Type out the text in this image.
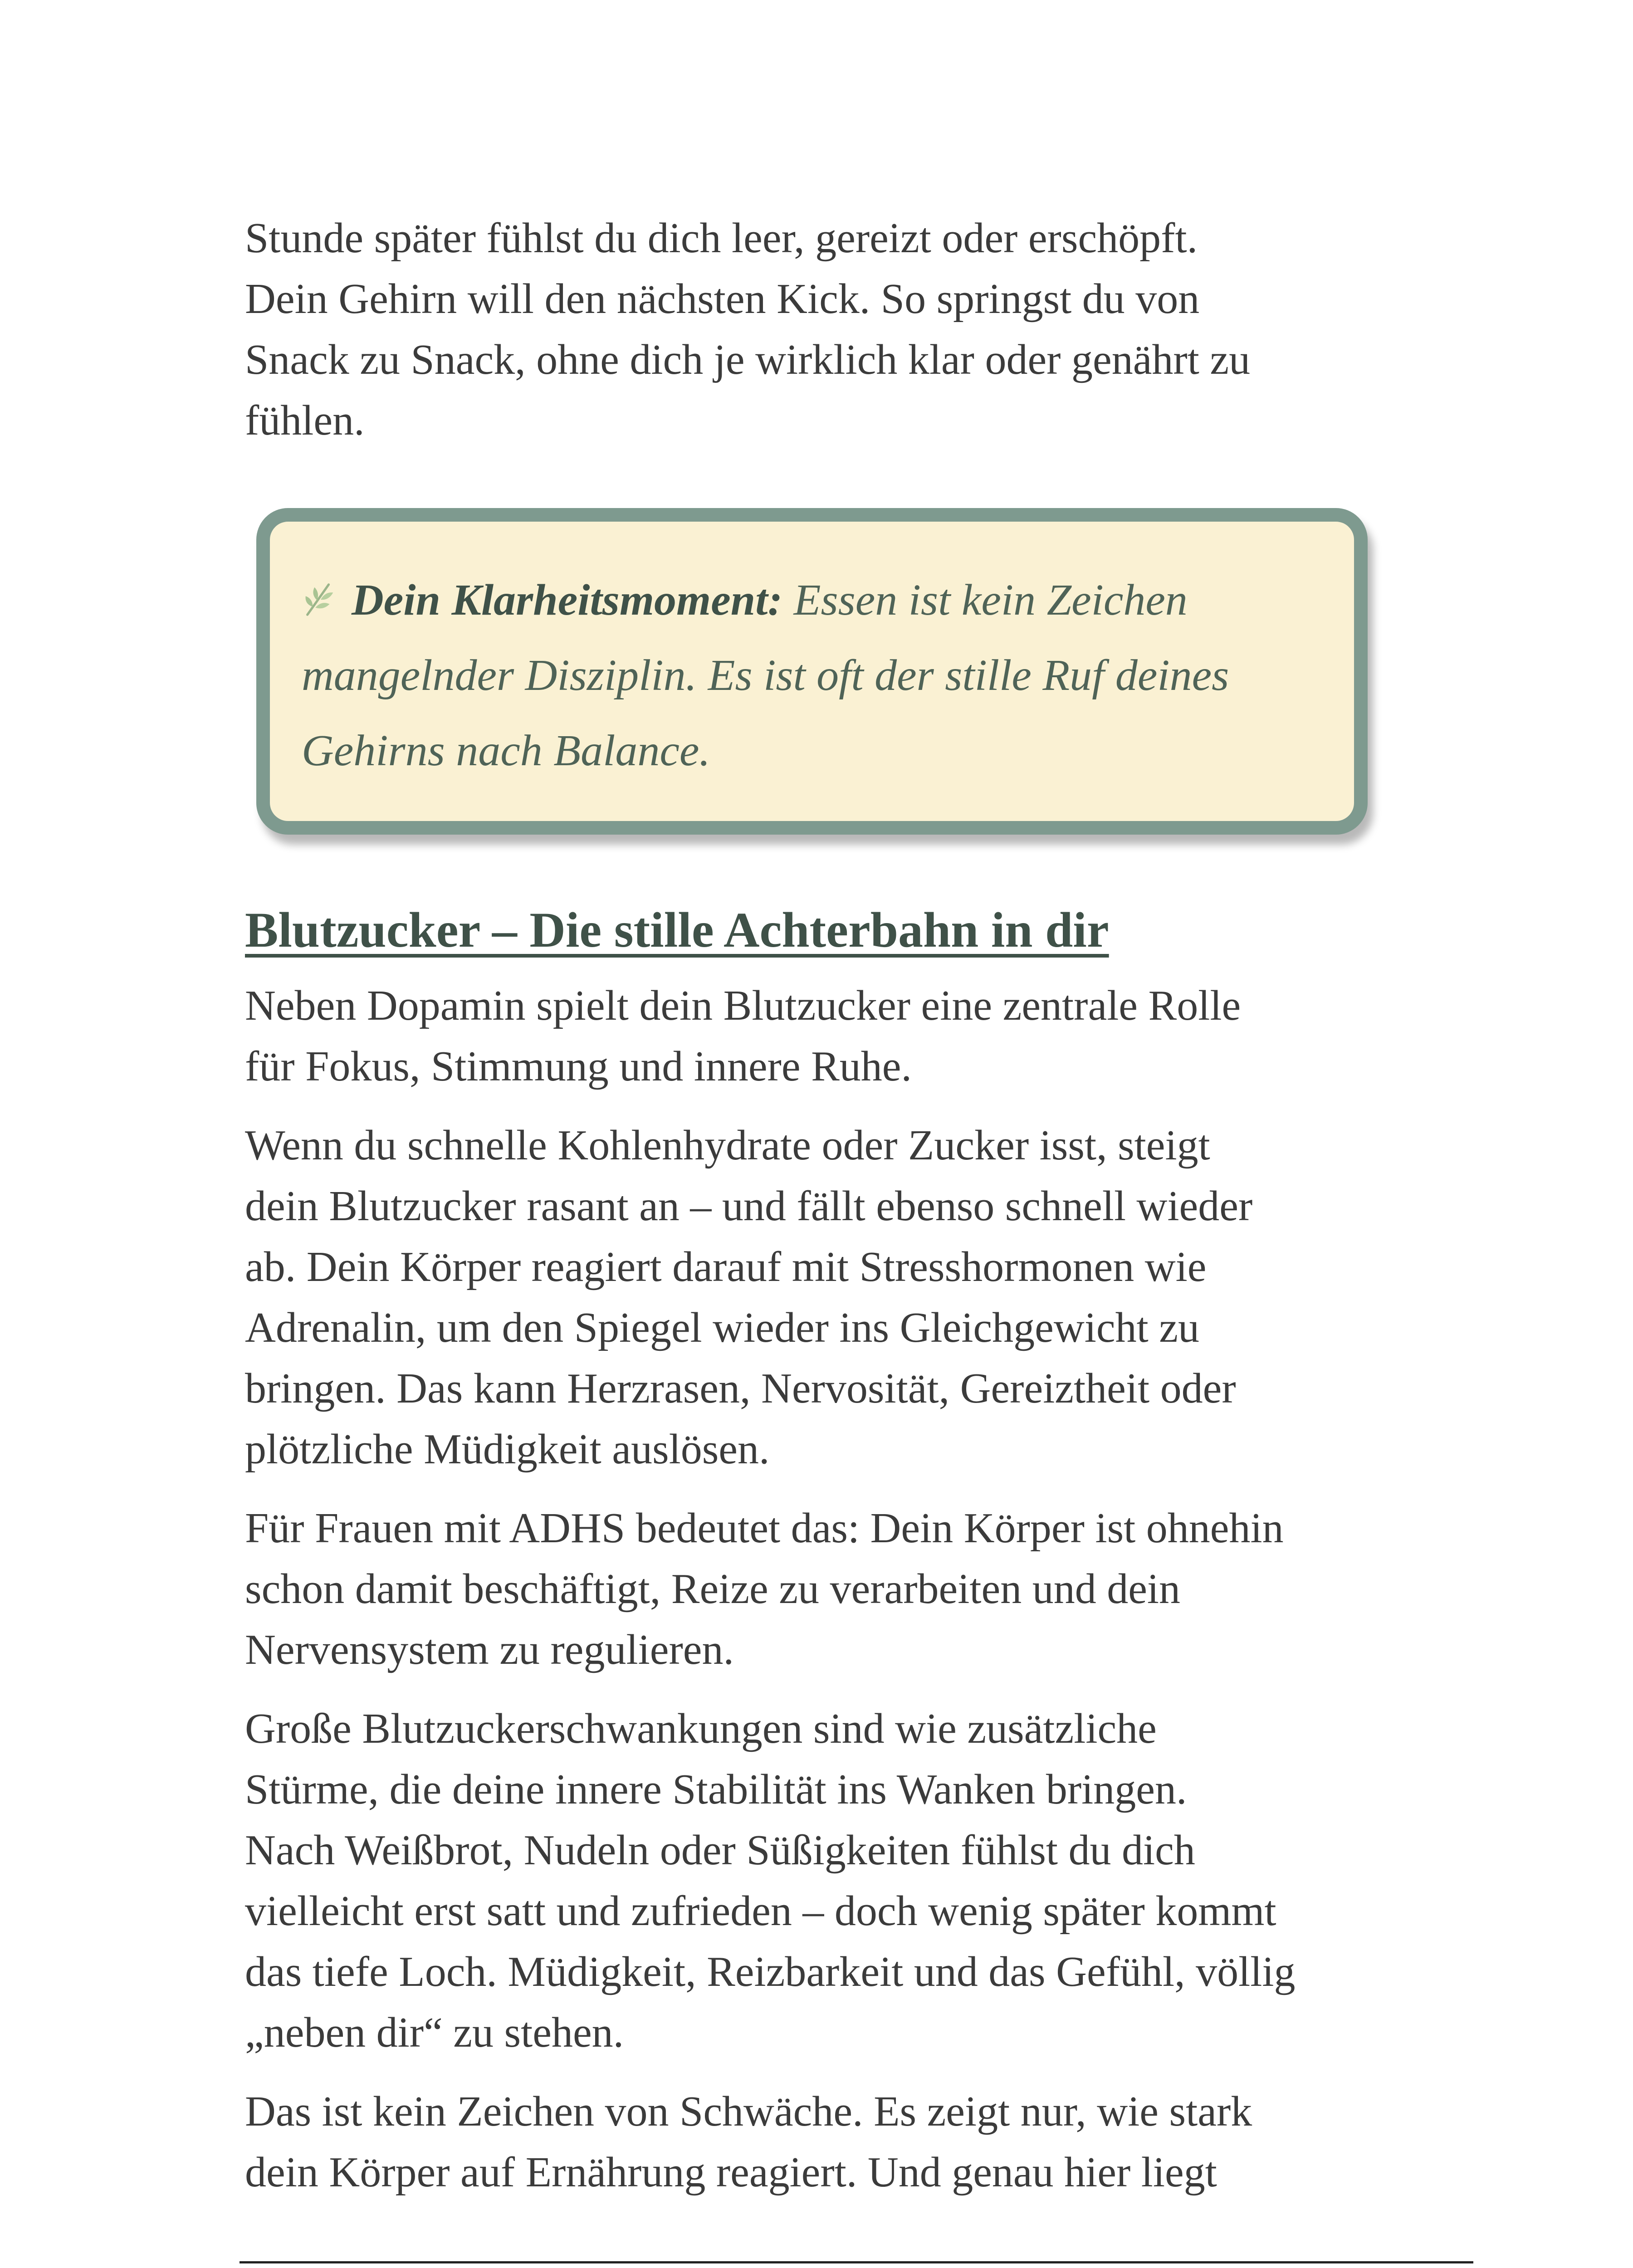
Stunde später fühlst du dich leer, gereizt oder erschöpft.
Dein Gehirn will den nächsten Kick. So springst du von
Snack zu Snack, ohne dich je wirklich klar oder genährt zu
fühlen.

Dein Klarheitsmoment: Essen ist kein Zeichen
mangelnder Disziplin. Es ist oft der stille Ruf deines
Gehirns nach Balance.
Blutzucker – Die stille Achterbahn in dir

Neben Dopamin spielt dein Blutzucker eine zentrale Rolle
für Fokus, Stimmung und innere Ruhe.

Wenn du schnelle Kohlenhydrate oder Zucker isst, steigt
dein Blutzucker rasant an – und fällt ebenso schnell wieder
ab. Dein Körper reagiert darauf mit Stresshormonen wie
Adrenalin, um den Spiegel wieder ins Gleichgewicht zu
bringen. Das kann Herzrasen, Nervosität, Gereiztheit oder
plötzliche Müdigkeit auslösen.

Für Frauen mit ADHS bedeutet das: Dein Körper ist ohnehin
schon damit beschäftigt, Reize zu verarbeiten und dein
Nervensystem zu regulieren.

Große Blutzuckerschwankungen sind wie zusätzliche
Stürme, die deine innere Stabilität ins Wanken bringen.
Nach Weißbrot, Nudeln oder Süßigkeiten fühlst du dich
vielleicht erst satt und zufrieden – doch wenig später kommt
das tiefe Loch. Müdigkeit, Reizbarkeit und das Gefühl, völlig
„neben dir“ zu stehen.

Das ist kein Zeichen von Schwäche. Es zeigt nur, wie stark
dein Körper auf Ernährung reagiert. Und genau hier liegt
